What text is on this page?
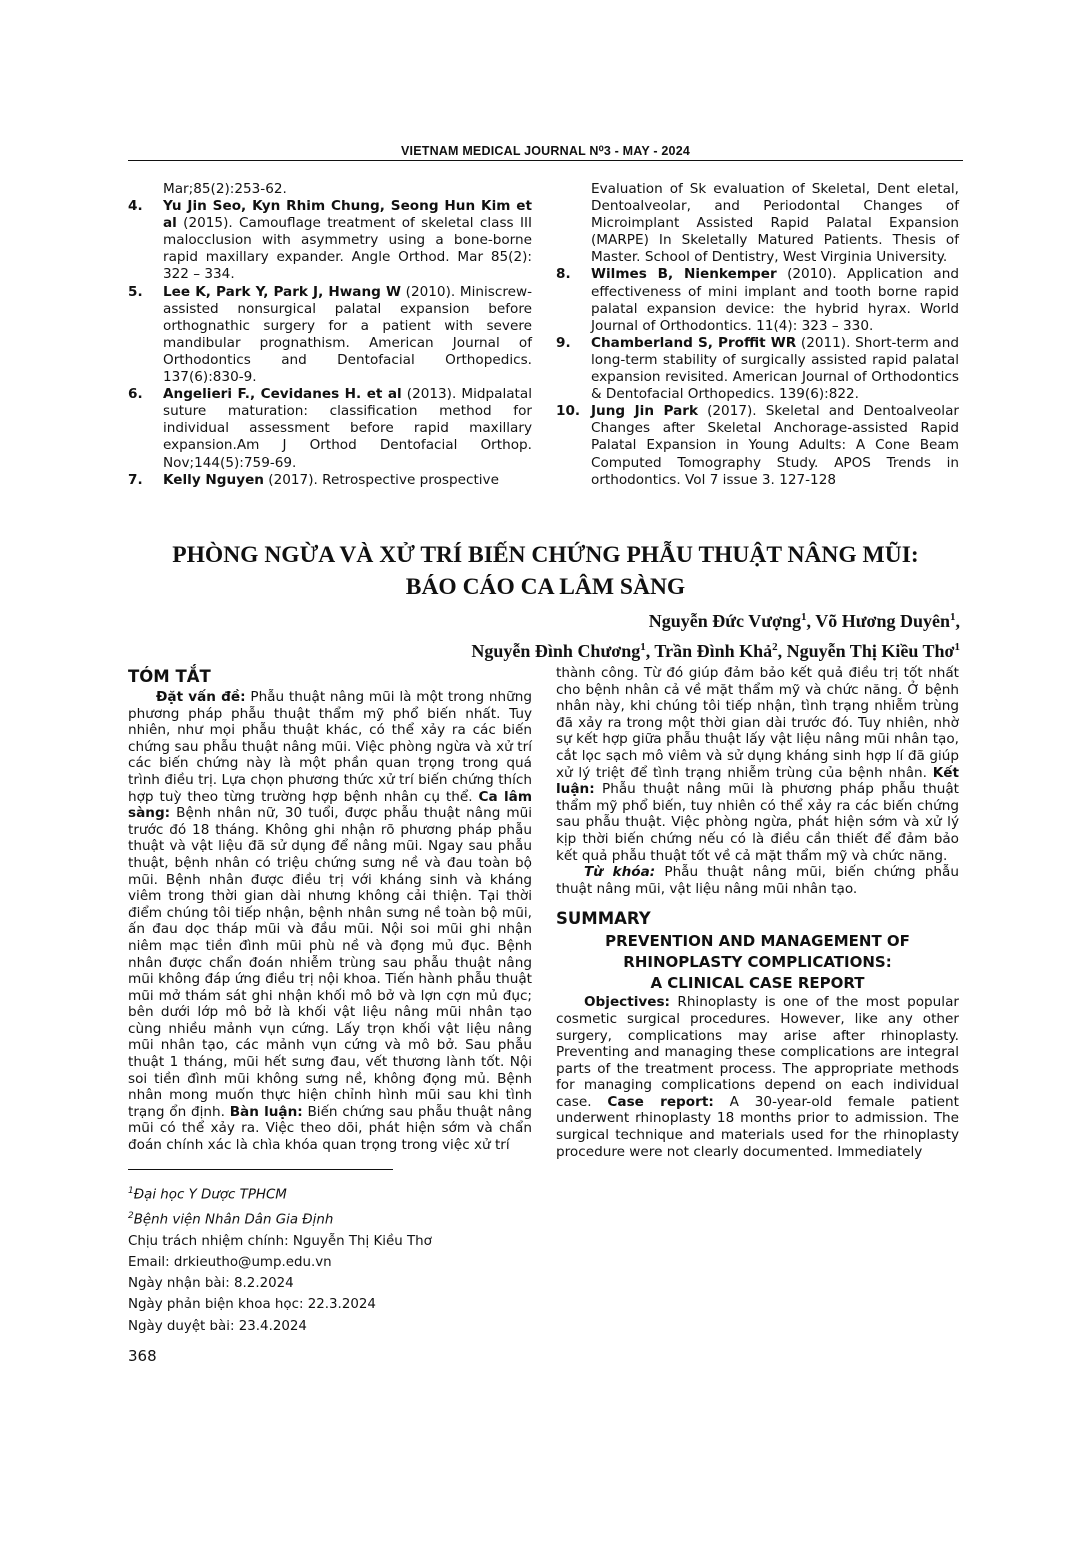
VIETNAM MEDICAL JOURNAL N⁰3 - MAY - 2024

Mar;85(2):253-62.

4. Yu Jin Seo, Kyn Rhim Chung, Seong Hun Kim et al (2015). Camouflage treatment of skeletal class III malocclusion with asymmetry using a bone-borne rapid maxillary expander. Angle Orthod. Mar 85(2): 322 – 334.

5. Lee K, Park Y, Park J, Hwang W (2010). Miniscrew-assisted nonsurgical palatal expansion before orthognathic surgery for a patient with severe mandibular prognathism. American Journal of Orthodontics and Dentofacial Orthopedics. 137(6):830-9.

6. Angelieri F., Cevidanes H. et al (2013). Midpalatal suture maturation: classification method for individual assessment before rapid maxillary expansion.Am J Orthod Dentofacial Orthop. Nov;144(5):759-69.

7. Kelly Nguyen (2017). Retrospective prospective

Evaluation of Sk evaluation of Skeletal, Dent eletal, Dentoalveolar, and Periodontal Changes of Microimplant Assisted Rapid Palatal Expansion (MARPE) In Skeletally Matured Patients. Thesis of Master. School of Dentistry, West Virginia University.

8. Wilmes B, Nienkemper (2010). Application and effectiveness of mini implant and tooth borne rapid palatal expansion device: the hybrid hyrax. World Journal of Orthodontics. 11(4): 323 – 330.

9. Chamberland S, Proffit WR (2011). Short-term and long-term stability of surgically assisted rapid palatal expansion revisited. American Journal of Orthodontics & Dentofacial Orthopedics. 139(6):822.

10. Jung Jin Park (2017). Skeletal and Dentoalveolar Changes after Skeletal Anchorage-assisted Rapid Palatal Expansion in Young Adults: A Cone Beam Computed Tomography Study. APOS Trends in orthodontics. Vol 7 issue 3. 127-128

PHÒNG NGỪA VÀ XỬ TRÍ BIẾN CHỨNG PHẪU THUẬT NÂNG MŨI:
BÁO CÁO CA LÂM SÀNG
Nguyễn Đức Vượng$^1$, Võ Hương Duyên$^1$,
Nguyễn Đình Chương$^1$, Trần Đình Khả$^2$, Nguyễn Thị Kiều Thơ$^1$
TÓM TẮT

Đặt vấn đề: Phẫu thuật nâng mũi là một trong những phương pháp phẫu thuật thẩm mỹ phổ biến nhất. Tuy nhiên, như mọi phẫu thuật khác, có thể xảy ra các biến chứng sau phẫu thuật nâng mũi. Việc phòng ngừa và xử trí các biến chứng này là một phần quan trọng trong quá trình điều trị. Lựa chọn phương thức xử trí biến chứng thích hợp tuỳ theo từng trường hợp bệnh nhân cụ thể. Ca lâm sàng: Bệnh nhân nữ, 30 tuổi, được phẫu thuật nâng mũi trước đó 18 tháng. Không ghi nhận rõ phương pháp phẫu thuật và vật liệu đã sử dụng để nâng mũi. Ngay sau phẫu thuật, bệnh nhân có triệu chứng sưng nề và đau toàn bộ mũi. Bệnh nhân được điều trị với kháng sinh và kháng viêm trong thời gian dài nhưng không cải thiện. Tại thời điểm chúng tôi tiếp nhận, bệnh nhân sưng nề toàn bộ mũi, ấn đau dọc tháp mũi và đầu mũi. Nội soi mũi ghi nhận niêm mạc tiền đình mũi phù nề và đọng mủ đục. Bệnh nhân được chẩn đoán nhiễm trùng sau phẫu thuật nâng mũi không đáp ứng điều trị nội khoa. Tiến hành phẫu thuật mũi mở thám sát ghi nhận khối mô bở và lợn cợn mủ đục; bên dưới lớp mô bở là khối vật liệu nâng mũi nhân tạo cùng nhiều mảnh vụn cứng. Lấy trọn khối vật liệu nâng mũi nhân tạo, các mảnh vụn cứng và mô bở. Sau phẫu thuật 1 tháng, mũi hết sưng đau, vết thương lành tốt. Nội soi tiền đình mũi không sưng nề, không đọng mủ. Bệnh nhân mong muốn thực hiện chỉnh hình mũi sau khi tình trạng ổn định. Bàn luận: Biến chứng sau phẫu thuật nâng mũi có thể xảy ra. Việc theo dõi, phát hiện sớm và chẩn đoán chính xác là chìa khóa quan trọng trong việc xử trí

$^1$Đại học Y Dược TPHCM
$^2$Bệnh viện Nhân Dân Gia Định
Chịu trách nhiệm chính: Nguyễn Thị Kiều Thơ
Email: drkieutho@ump.edu.vn
Ngày nhận bài: 8.2.2024
Ngày phản biện khoa học: 22.3.2024
Ngày duyệt bài: 23.4.2024

thành công. Từ đó giúp đảm bảo kết quả điều trị tốt nhất cho bệnh nhân cả về mặt thẩm mỹ và chức năng. Ở bệnh nhân này, khi chúng tôi tiếp nhận, tình trạng nhiễm trùng đã xảy ra trong một thời gian dài trước đó. Tuy nhiên, nhờ sự kết hợp giữa phẫu thuật lấy vật liệu nâng mũi nhân tạo, cắt lọc sạch mô viêm và sử dụng kháng sinh hợp lí đã giúp xử lý triệt để tình trạng nhiễm trùng của bệnh nhân. Kết luận: Phẫu thuật nâng mũi là phương pháp phẫu thuật thẩm mỹ phổ biến, tuy nhiên có thể xảy ra các biến chứng sau phẫu thuật. Việc phòng ngừa, phát hiện sớm và xử lý kịp thời biến chứng nếu có là điều cần thiết để đảm bảo kết quả phẫu thuật tốt về cả mặt thẩm mỹ và chức năng.

Từ khóa: Phẫu thuật nâng mũi, biến chứng phẫu thuật nâng mũi, vật liệu nâng mũi nhân tạo.

SUMMARY
PREVENTION AND MANAGEMENT OF
RHINOPLASTY COMPLICATIONS:
A CLINICAL CASE REPORT

Objectives: Rhinoplasty is one of the most popular cosmetic surgical procedures. However, like any other surgery, complications may arise after rhinoplasty. Preventing and managing these complications are integral parts of the treatment process. The appropriate methods for managing complications depend on each individual case. Case report: A 30-year-old female patient underwent rhinoplasty 18 months prior to admission. The surgical technique and materials used for the rhinoplasty procedure were not clearly documented. Immediately

368
